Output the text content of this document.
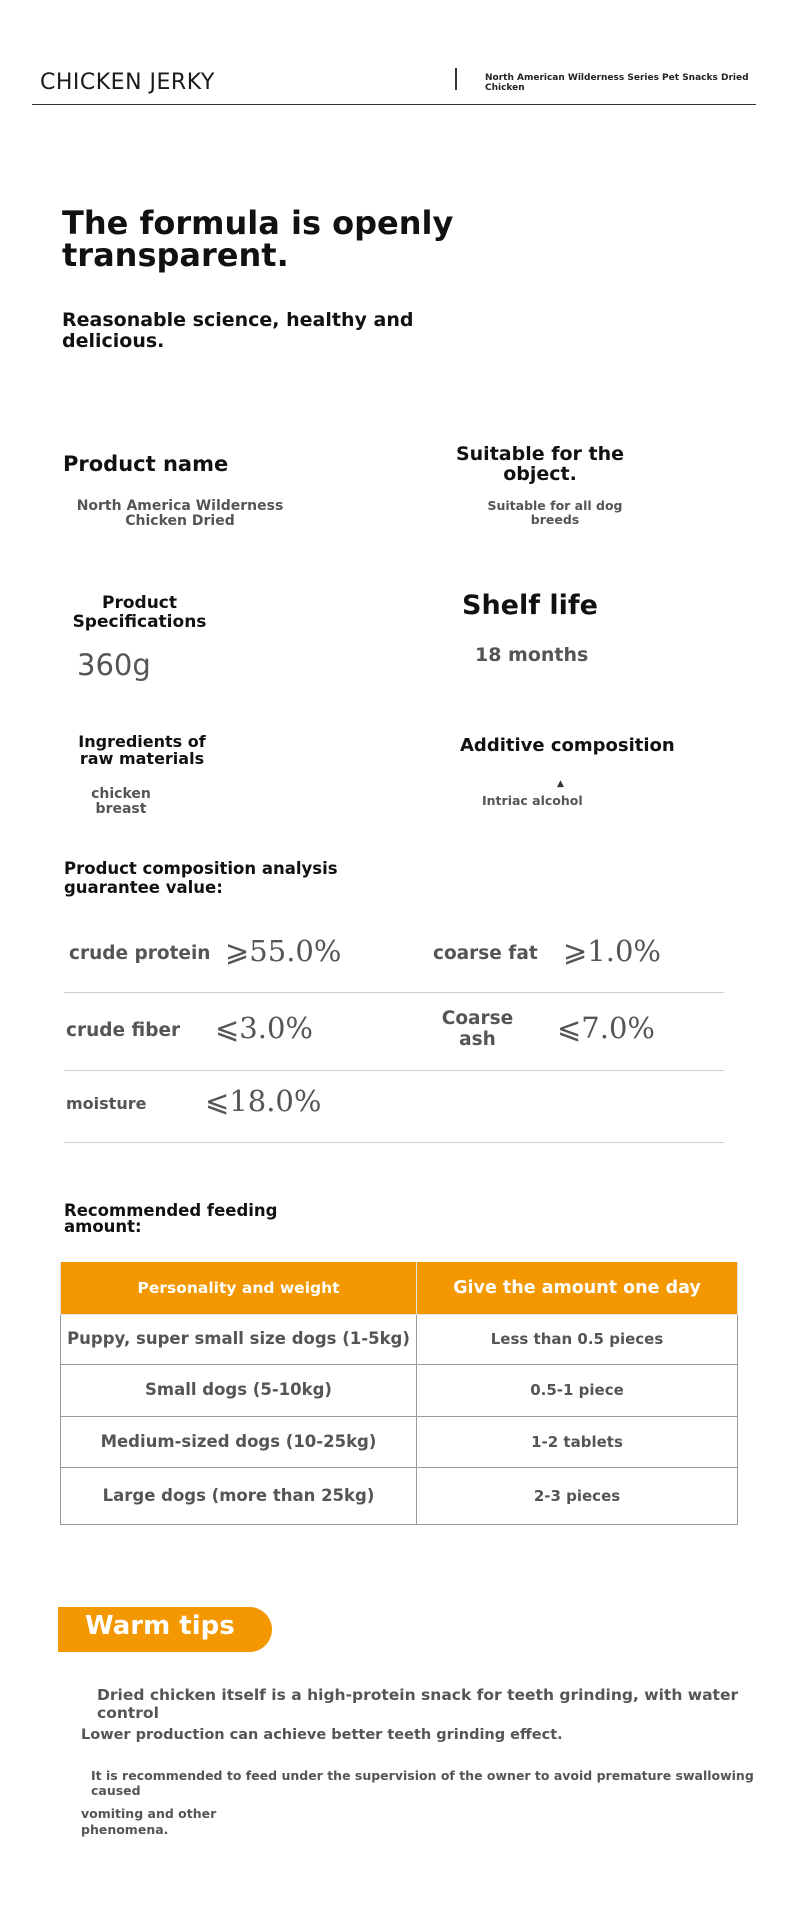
CHICKEN JERKY	North American Wilderness Series Pet Snacks Dried Chicken
The formula is openly transparent.
Reasonable science, healthy and delicious.
Product name
North America Wilderness Chicken Dried
Suitable for the object.
Suitable for all dog breeds
Product Specifications
360g
Shelf life
18 months
Ingredients of raw materials
chicken breast
Additive composition
▲
Intriac alcohol
Product composition analysis guarantee value:
crude protein ⩾55.0%	coarse fat ⩾1.0%
crude fiber ⩽3.0%	Coarse ash	⩽7.0%
moisture ⩽18.0%
Recommended feeding amount:
Personality and weight	Give the amount one day
Puppy, super small size dogs (1-5kg)	Less than 0.5 pieces
Small dogs (5-10kg)	0.5-1 piece
Medium-sized dogs (10-25kg)	1-2 tablets
Large dogs (more than 25kg)	2-3 pieces
Warm tips
Dried chicken itself is a high-protein snack for teeth grinding, with water control
Lower production can achieve better teeth grinding effect.
It is recommended to feed under the supervision of the owner to avoid premature swallowing caused
vomiting and other phenomena.
